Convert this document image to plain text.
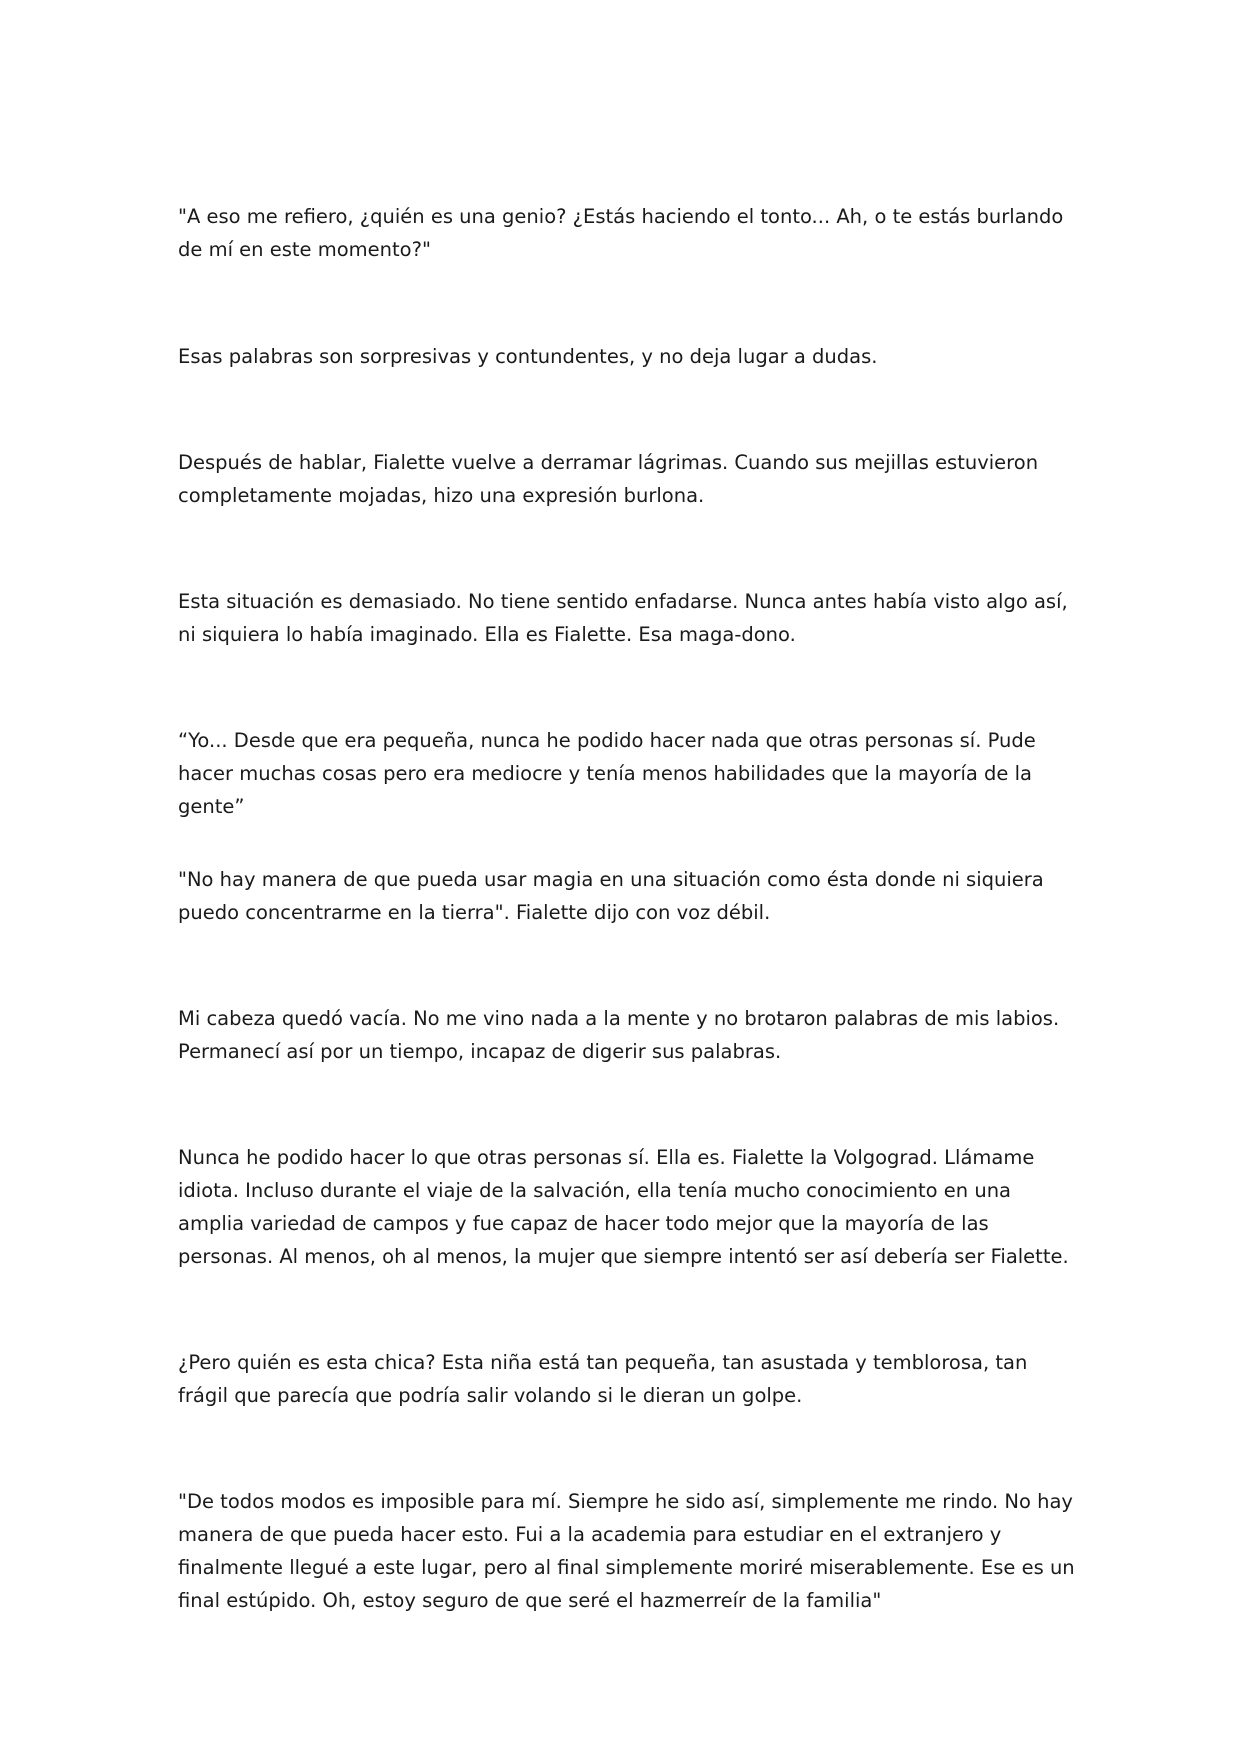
"A eso me refiero, ¿quién es una genio? ¿Estás haciendo el tonto... Ah, o te estás burlando de mí en este momento?"

Esas palabras son sorpresivas y contundentes, y no deja lugar a dudas.

Después de hablar, Fialette vuelve a derramar lágrimas. Cuando sus mejillas estuvieron completamente mojadas, hizo una expresión burlona.

Esta situación es demasiado. No tiene sentido enfadarse. Nunca antes había visto algo así, ni siquiera lo había imaginado. Ella es Fialette. Esa maga-dono.

“Yo... Desde que era pequeña, nunca he podido hacer nada que otras personas sí. Pude hacer muchas cosas pero era mediocre y tenía menos habilidades que la mayoría de la gente”

"No hay manera de que pueda usar magia en una situación como ésta donde ni siquiera puedo concentrarme en la tierra". Fialette dijo con voz débil.

Mi cabeza quedó vacía. No me vino nada a la mente y no brotaron palabras de mis labios. Permanecí así por un tiempo, incapaz de digerir sus palabras.

Nunca he podido hacer lo que otras personas sí. Ella es. Fialette la Volgograd. Llámame idiota. Incluso durante el viaje de la salvación, ella tenía mucho conocimiento en una amplia variedad de campos y fue capaz de hacer todo mejor que la mayoría de las personas. Al menos, oh al menos, la mujer que siempre intentó ser así debería ser Fialette.

¿Pero quién es esta chica? Esta niña está tan pequeña, tan asustada y temblorosa, tan frágil que parecía que podría salir volando si le dieran un golpe.

"De todos modos es imposible para mí. Siempre he sido así, simplemente me rindo. No hay manera de que pueda hacer esto. Fui a la academia para estudiar en el extranjero y finalmente llegué a este lugar, pero al final simplemente moriré miserablemente. Ese es un final estúpido. Oh, estoy seguro de que seré el hazmerreír de la familia"
